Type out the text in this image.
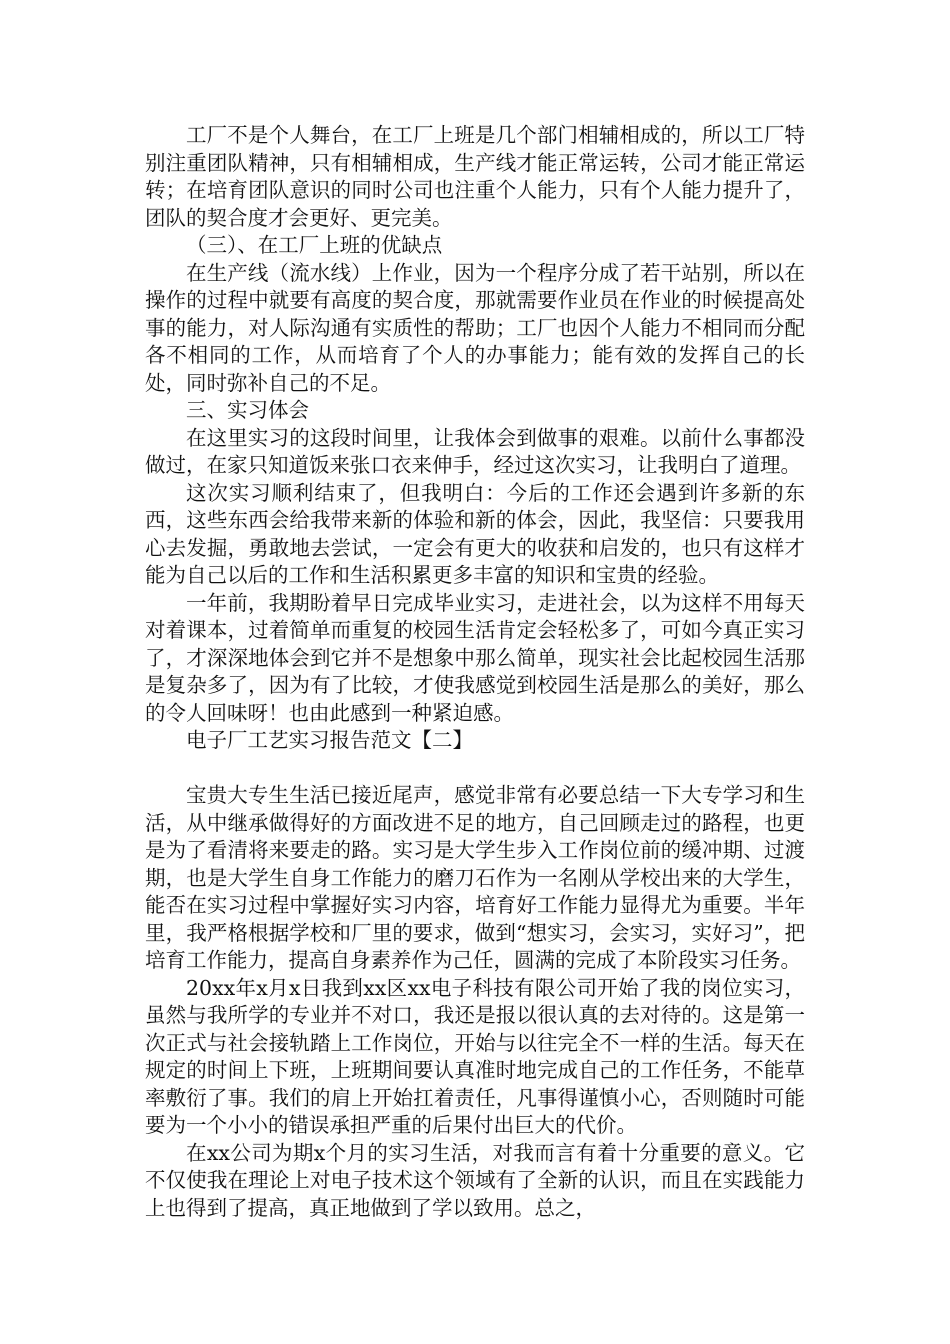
工厂不是个人舞台，在工厂上班是几个部门相辅相成的，所以工厂特别注重团队精神，只有相辅相成，生产线才能正常运转，公司才能正常运转；在培育团队意识的同时公司也注重个人能力，只有个人能力提升了，团队的契合度才会更好、更完美。

（三）、在工厂上班的优缺点

在生产线（流水线）上作业，因为一个程序分成了若干站别，所以在操作的过程中就要有高度的契合度，那就需要作业员在作业的时候提高处事的能力，对人际沟通有实质性的帮助；工厂也因个人能力不相同而分配各不相同的工作，从而培育了个人的办事能力；能有效的发挥自己的长处，同时弥补自己的不足。

三、实习体会

在这里实习的这段时间里，让我体会到做事的艰难。以前什么事都没做过，在家只知道饭来张口衣来伸手，经过这次实习，让我明白了道理。

这次实习顺利结束了，但我明白：今后的工作还会遇到许多新的东西，这些东西会给我带来新的体验和新的体会，因此，我坚信：只要我用心去发掘，勇敢地去尝试，一定会有更大的收获和启发的，也只有这样才能为自己以后的工作和生活积累更多丰富的知识和宝贵的经验。

一年前，我期盼着早日完成毕业实习，走进社会，以为这样不用每天对着课本，过着简单而重复的校园生活肯定会轻松多了，可如今真正实习了，才深深地体会到它并不是想象中那么简单，现实社会比起校园生活那是复杂多了，因为有了比较，才使我感觉到校园生活是那么的美好，那么的令人回味呀！也由此感到一种紧迫感。

电子厂工艺实习报告范文【二】

宝贵大专生生活已接近尾声，感觉非常有必要总结一下大专学习和生活，从中继承做得好的方面改进不足的地方，自己回顾走过的路程，也更是为了看清将来要走的路。实习是大学生步入工作岗位前的缓冲期、过渡期，也是大学生自身工作能力的磨刀石作为一名刚从学校出来的大学生，能否在实习过程中掌握好实习内容，培育好工作能力显得尤为重要。半年里，我严格根据学校和厂里的要求，做到“想实习，会实习，实好习”，把培育工作能力，提高自身素养作为己任，圆满的完成了本阶段实习任务。

20xx年x月x日我到xx区xx电子科技有限公司开始了我的岗位实习，虽然与我所学的专业并不对口，我还是报以很认真的去对待的。这是第一次正式与社会接轨踏上工作岗位，开始与以往完全不一样的生活。每天在规定的时间上下班，上班期间要认真准时地完成自己的工作任务，不能草率敷衍了事。我们的肩上开始扛着责任，凡事得谨慎小心，否则随时可能要为一个小小的错误承担严重的后果付出巨大的代价。

在xx公司为期x个月的实习生活，对我而言有着十分重要的意义。它不仅使我在理论上对电子技术这个领域有了全新的认识，而且在实践能力上也得到了提高，真正地做到了学以致用。总之，
